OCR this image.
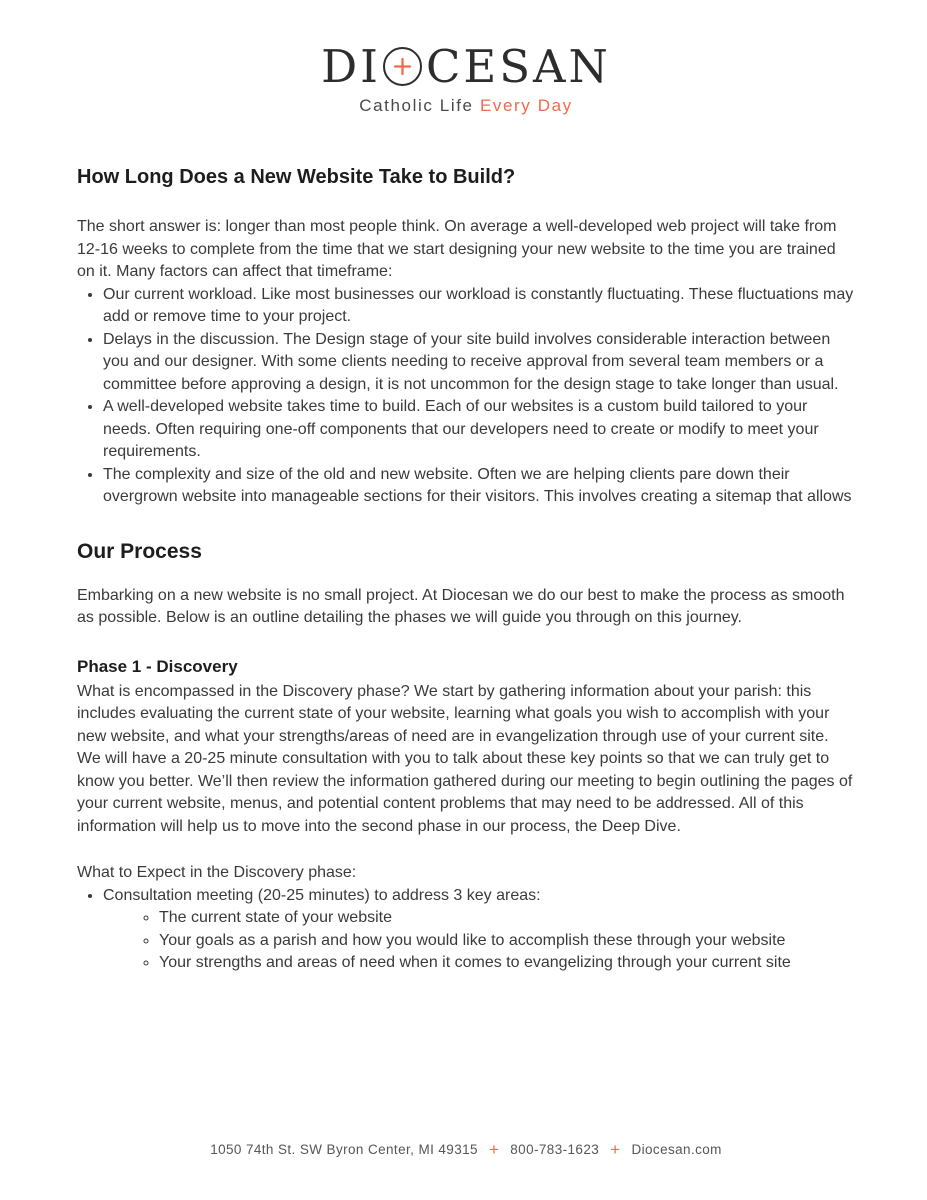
DI CESAN
Catholic Life Every Day
How Long Does a New Website Take to Build?

The short answer is: longer than most people think. On average a well-developed web project will take from 12-16 weeks to complete from the time that we start designing your new website to the time you are trained on it. Many factors can affect that timeframe:

• Our current workload. Like most businesses our workload is constantly fluctuating. These fluctuations may add or remove time to your project.
• Delays in the discussion. The Design stage of your site build involves considerable interaction between you and our designer. With some clients needing to receive approval from several team members or a committee before approving a design, it is not uncommon for the design stage to take longer than usual.
• A well-developed website takes time to build. Each of our websites is a custom build tailored to your needs. Often requiring one-off components that our developers need to create or modify to meet your requirements.
• The complexity and size of the old and new website. Often we are helping clients pare down their overgrown website into manageable sections for their visitors. This involves creating a sitemap that allows
Our Process

Embarking on a new website is no small project. At Diocesan we do our best to make the process as smooth as possible. Below is an outline detailing the phases we will guide you through on this journey.

Phase 1 - Discovery

What is encompassed in the Discovery phase? We start by gathering information about your parish: this includes evaluating the current state of your website, learning what goals you wish to accomplish with your new website, and what your strengths/areas of need are in evangelization through use of your current site. We will have a 20-25 minute consultation with you to talk about these key points so that we can truly get to know you better. We’ll then review the information gathered during our meeting to begin outlining the pages of your current website, menus, and potential content problems that may need to be addressed. All of this information will help us to move into the second phase in our process, the Deep Dive.

What to Expect in the Discovery phase:

• Consultation meeting (20-25 minutes) to address 3 key areas:
◦ The current state of your website
◦ Your goals as a parish and how you would like to accomplish these through your website
◦ Your strengths and areas of need when it comes to evangelizing through your current site
1050 74th St. SW Byron Center, MI 49315 + 800-783-1623 + Diocesan.com
